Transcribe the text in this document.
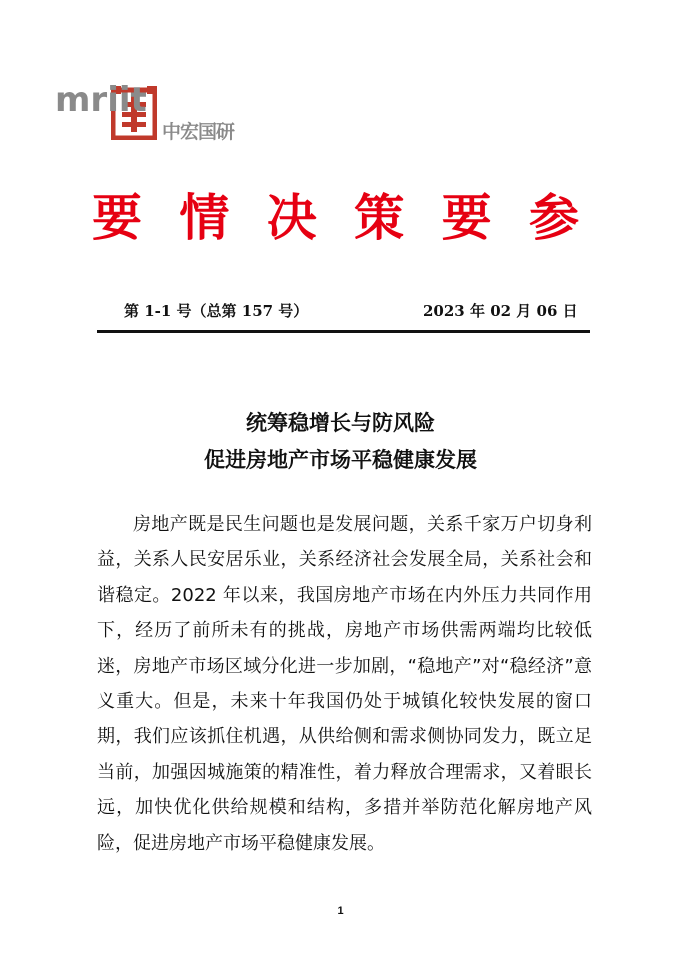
mriit
中宏国研
要 情 决 策 要 参
第 1-1 号（总第 157 号）	2023 年 02 月 06 日
统筹稳增长与防风险
促进房地产市场平稳健康发展
房地产既是民生问题也是发展问题，关系千家万户切身利益，关系人民安居乐业，关系经济社会发展全局，关系社会和谐稳定。2022 年以来，我国房地产市场在内外压力共同作用下，经历了前所未有的挑战，房地产市场供需两端均比较低迷，房地产市场区域分化进一步加剧，“稳地产”对“稳经济”意义重大。但是，未来十年我国仍处于城镇化较快发展的窗口期，我们应该抓住机遇，从供给侧和需求侧协同发力，既立足当前，加强因城施策的精准性，着力释放合理需求，又着眼长远，加快优化供给规模和结构，多措并举防范化解房地产风险，促进房地产市场平稳健康发展。
1
